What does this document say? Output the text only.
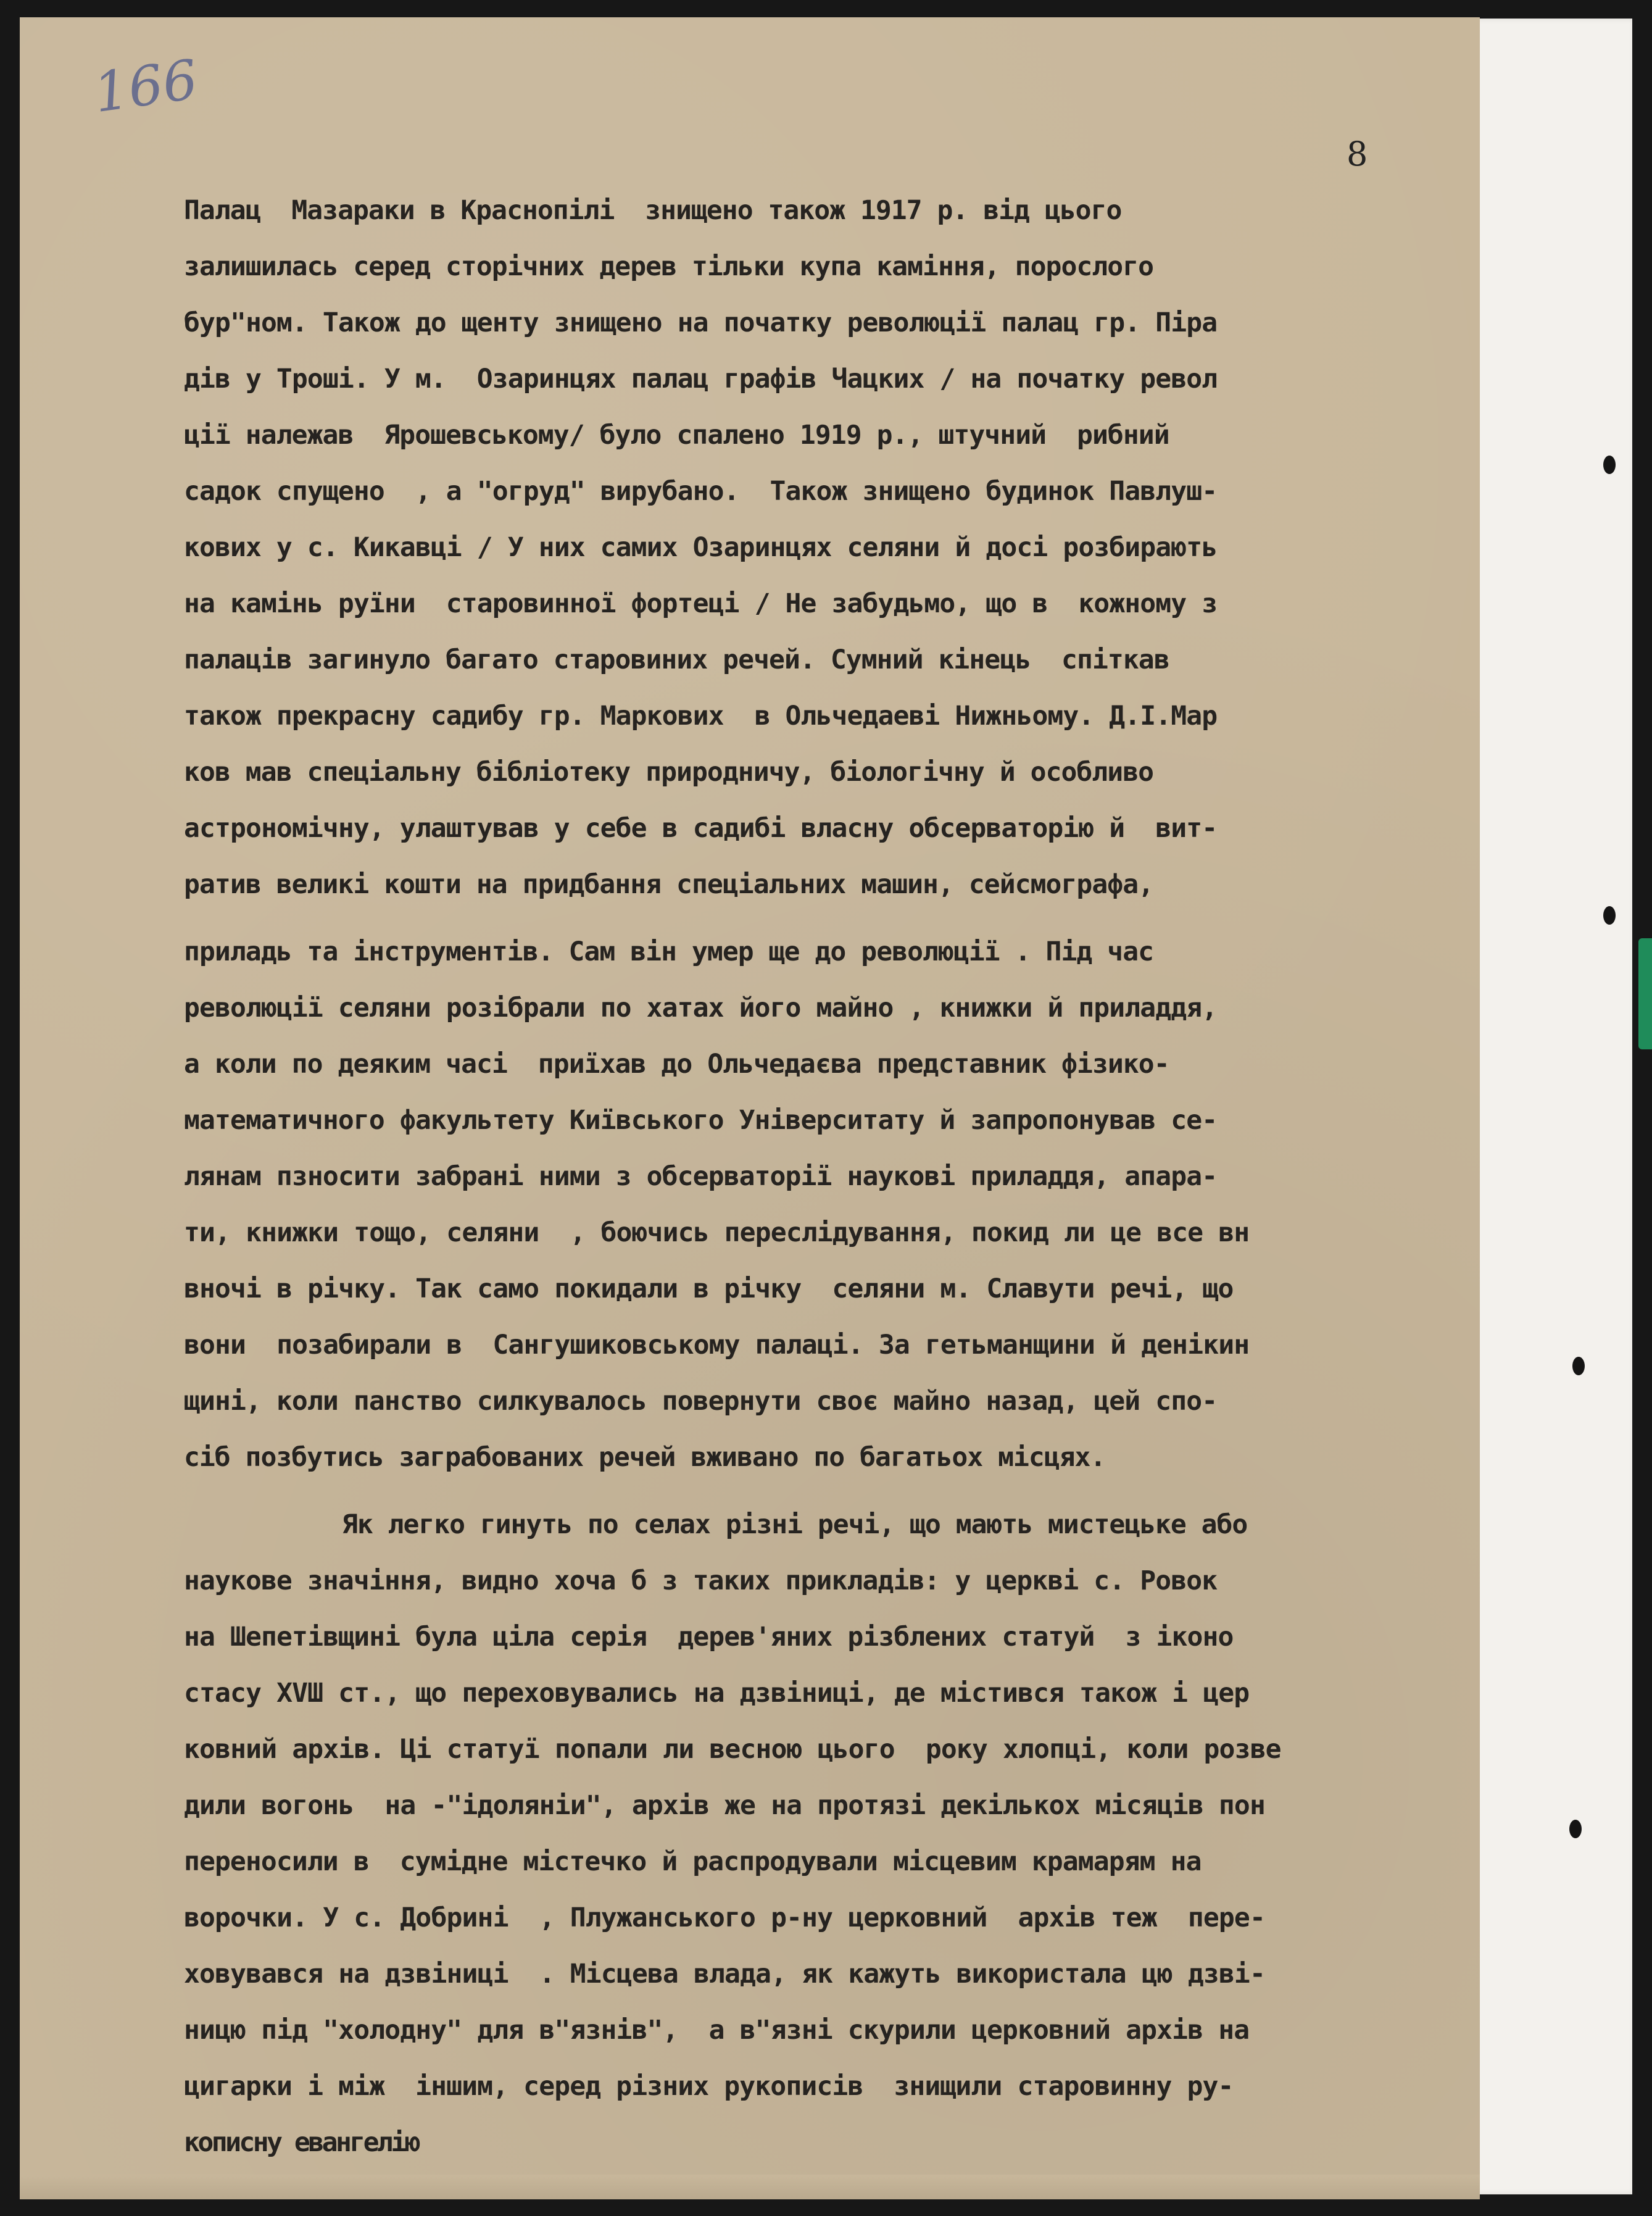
166
8
Палац  Мазараки в Краснопілі  знищено також 1917 р. від цього
залишилась серед сторічних дерев тільки купа каміння, порослого
бур"ном. Також до щенту знищено на початку революції палац гр. Піра
дів у Троші. У м.  Озаринцях палац графів Чацких / на початку револ
ції належав  Ярошевському/ було спалено 1919 р., штучний  рибний
садок спущено  , а "огруд" вирубано.  Також знищено будинок Павлуш-
кових у с. Кикавці / У них самих Озаринцях селяни й досі розбирають
на камінь руїни  старовинної фортеці / Не забудьмо, що в  кожному з
палаців загинуло багато старовиних речей. Сумний кінець  спіткав
також прекрасну садибу гр. Маркових  в Ольчедаеві Нижньому. Д.І.Мар
ков мав спеціальну бібліотеку природничу, біологічну й особливо
астрономічну, улаштував у себе в садибі власну обсерваторію й  вит-
ратив великі кошти на придбання спеціальних машин, сейсмографа,
приладь та інструментів. Сам він умер ще до революції . Під час
революції селяни розібрали по хатах його майно , книжки й приладдя,
а коли по деяким часі  приїхав до Ольчедаєва представник фізико-
математичного факультету Київського Університату й запропонував се-
лянам пзносити забрані ними з обсерваторії наукові приладдя, апара-
ти, книжки тощо, селяни  , боючись переслідування, покид ли це все вн
вночі в річку. Так само покидали в річку  селяни м. Славути речі, що
вони  позабирали в  Сангушиковському палаці. За гетьманщини й денікин
щині, коли панство силкувалось повернути своє майно назад, цей спо-
сіб позбутись заграбованих речей вживано по багатьох місцях.
Як легко гинуть по селах різні речі, що мають мистецьке або
наукове значіння, видно хоча б з таких прикладів: у церкві с. Ровок
на Шепетівщині була ціла серія  дерев'яних різблених статуй  з іконо
стасу XVШ ст., що переховувались на дзвіниці, де містився також і цер
ковний архів. Ці статуї попали ли весною цього  року хлопці, коли розве
дили вогонь  на -"ідоляніи", архів же на протязі декількох місяців пон
переносили в  сумідне містечко й распродували місцевим крамарям на
ворочки. У с. Добрині  , Плужанського р-ну церковний  архів теж  пере-
ховувався на дзвіниці  . Місцева влада, як кажуть використала цю дзві-
ницю під "холодну" для в"язнів",  а в"язні скурили церковний архів на
цигарки і між  іншим, серед різних рукописів  знищили старовинну ру-
кописну евангелію
